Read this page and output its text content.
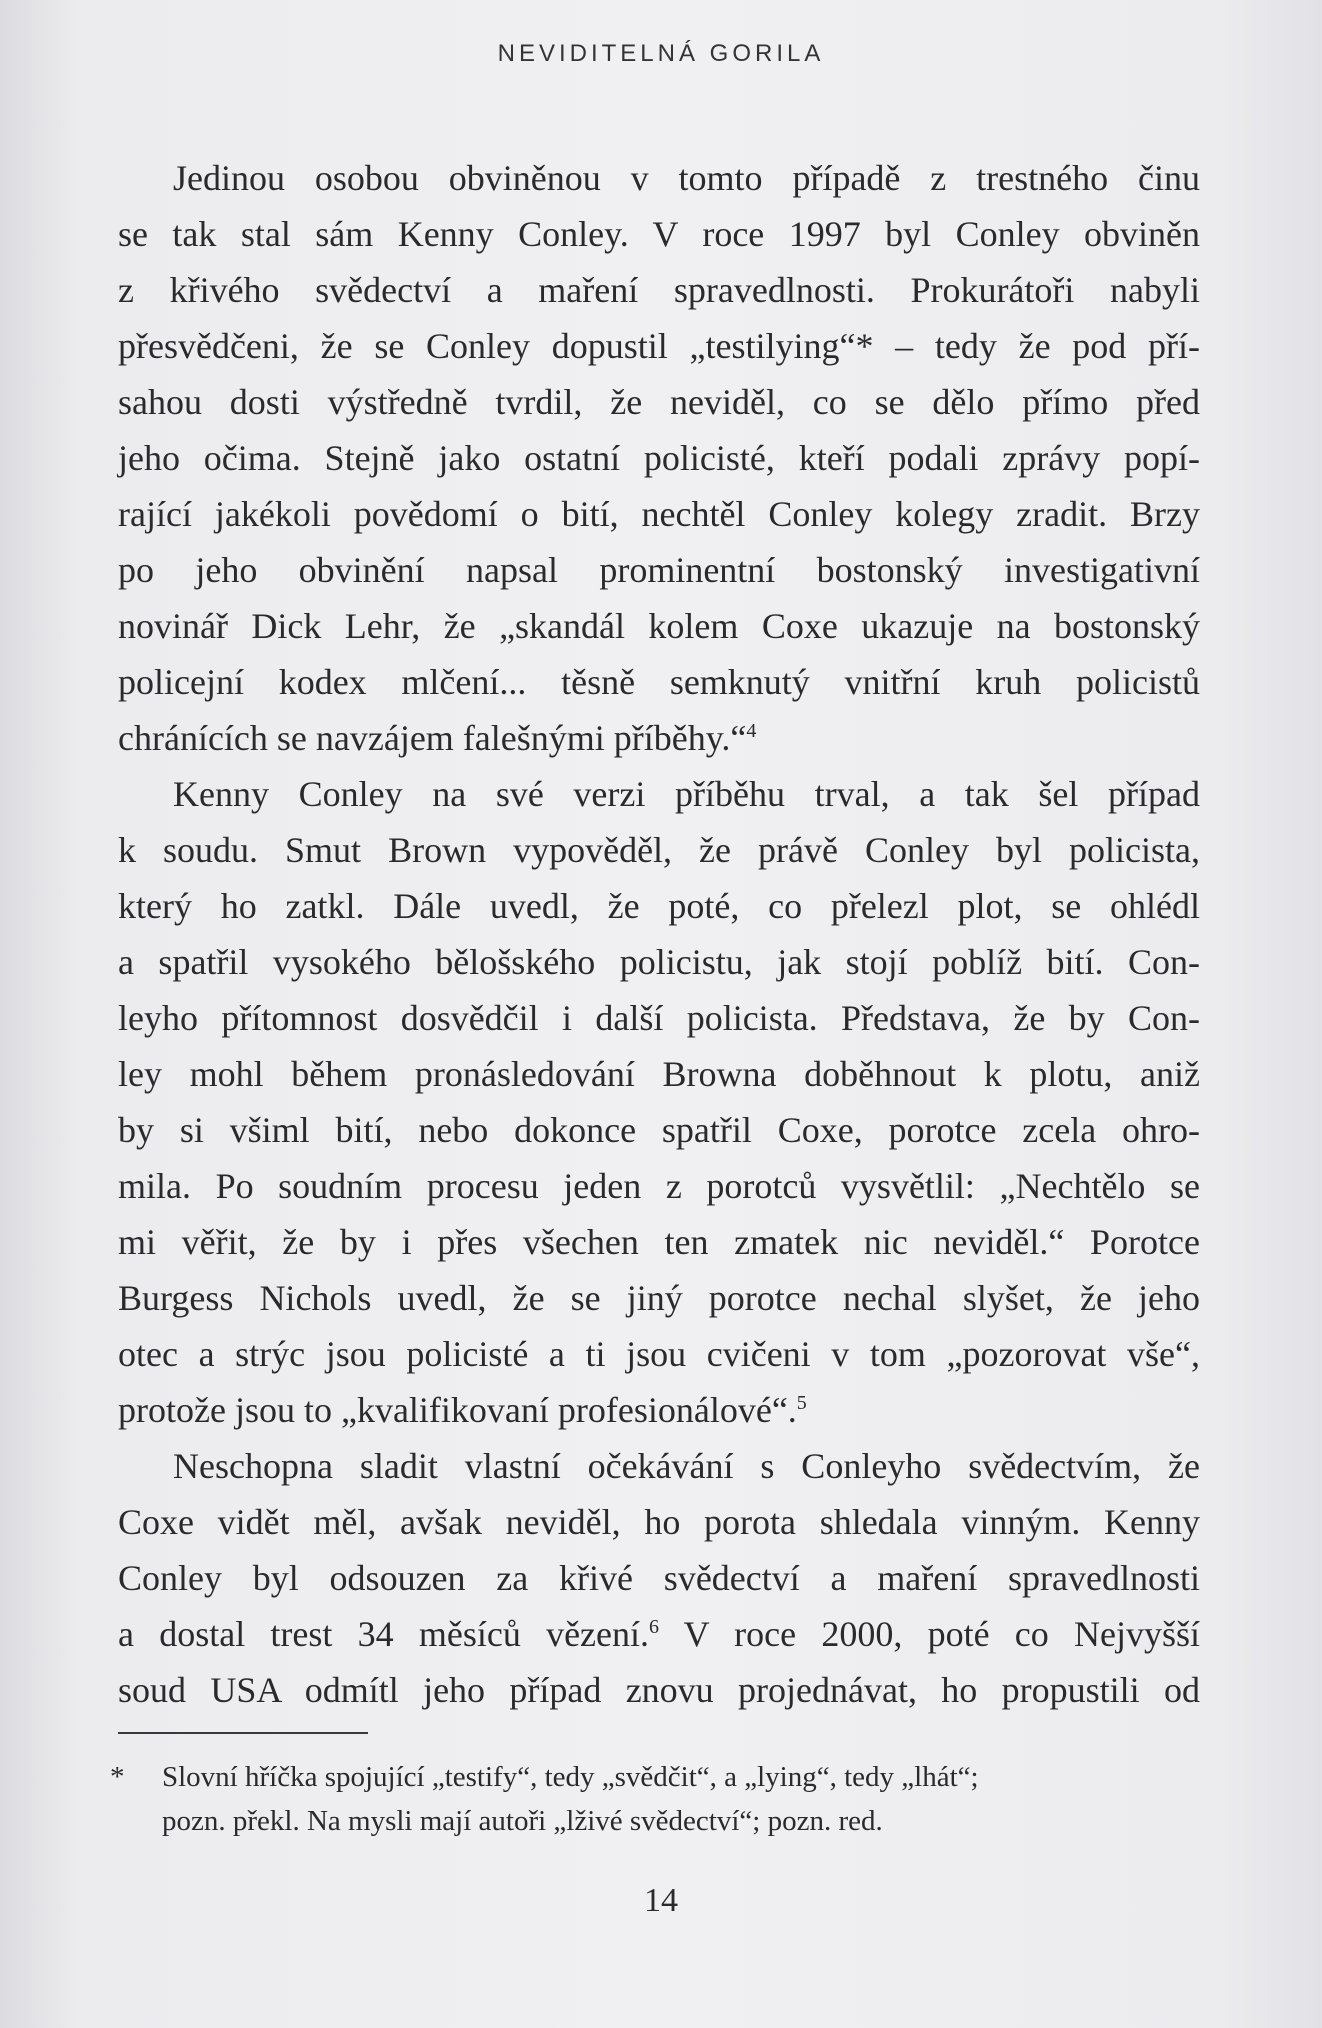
NEVIDITELNÁ GORILA
Jedinou osobou obviněnou v tomto případě z trestného činu
se tak stal sám Kenny Conley. V roce 1997 byl Conley obviněn
z křivého svědectví a maření spravedlnosti. Prokurátoři nabyli
přesvědčeni, že se Conley dopustil „testilying“* – tedy že pod pří-
sahou dosti výstředně tvrdil, že neviděl, co se dělo přímo před
jeho očima. Stejně jako ostatní policisté, kteří podali zprávy popí-
rající jakékoli povědomí o bití, nechtěl Conley kolegy zradit. Brzy
po jeho obvinění napsal prominentní bostonský investigativní
novinář Dick Lehr, že „skandál kolem Coxe ukazuje na bostonský
policejní kodex mlčení... těsně semknutý vnitřní kruh policistů
chránících se navzájem falešnými příběhy.“$^4$
Kenny Conley na své verzi příběhu trval, a tak šel případ
k soudu. Smut Brown vypověděl, že právě Conley byl policista,
který ho zatkl. Dále uvedl, že poté, co přelezl plot, se ohlédl
a spatřil vysokého bělošského policistu, jak stojí poblíž bití. Con-
leyho přítomnost dosvědčil i další policista. Představa, že by Con-
ley mohl během pronásledování Browna doběhnout k plotu, aniž
by si všiml bití, nebo dokonce spatřil Coxe, porotce zcela ohro-
mila. Po soudním procesu jeden z porotců vysvětlil: „Nechtělo se
mi věřit, že by i přes všechen ten zmatek nic neviděl.“ Porotce
Burgess Nichols uvedl, že se jiný porotce nechal slyšet, že jeho
otec a strýc jsou policisté a ti jsou cvičeni v tom „pozorovat vše“,
protože jsou to „kvalifikovaní profesionálové“.$^5$
Neschopna sladit vlastní očekávání s Conleyho svědectvím, že
Coxe vidět měl, avšak neviděl, ho porota shledala vinným. Kenny
Conley byl odsouzen za křivé svědectví a maření spravedlnosti
a dostal trest 34 měsíců vězení.$^6$ V roce 2000, poté co Nejvyšší
soud USA odmítl jeho případ znovu projednávat, ho propustili od
* Slovní hříčka spojující „testify“, tedy „svědčit“, a „lying“, tedy „lhát“;
pozn. překl. Na mysli mají autoři „lživé svědectví“; pozn. red.
14
